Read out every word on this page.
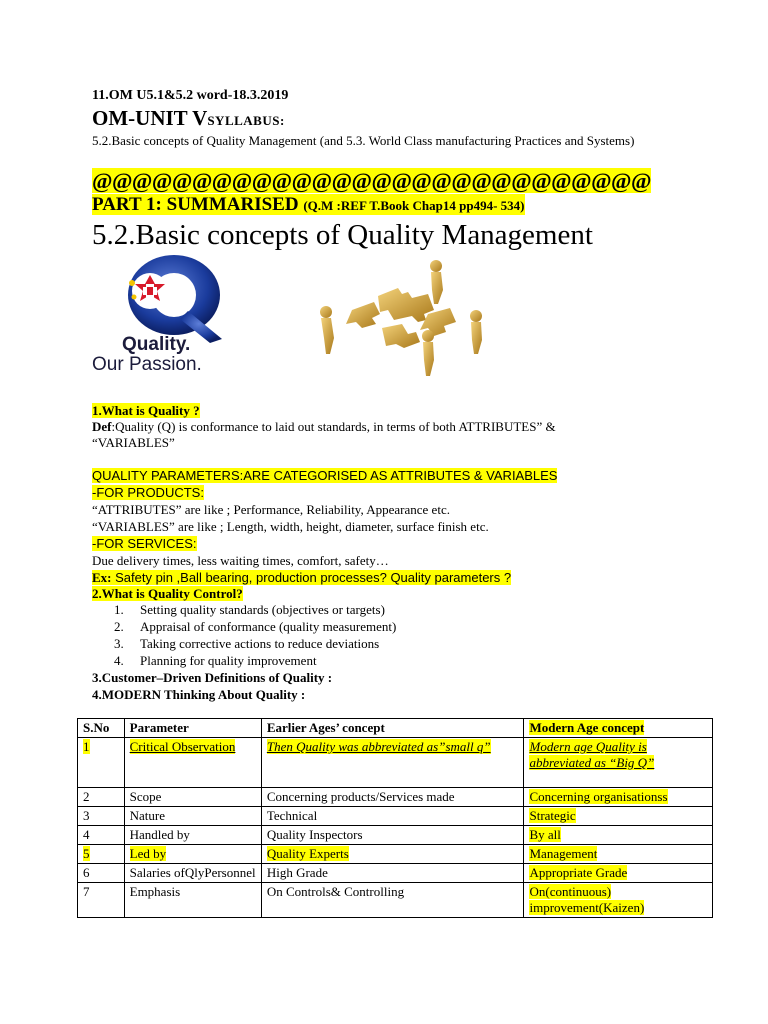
11.OM U5.1&5.2 word-18.3.2019
OM-UNIT VSYLLABUS:
5.2.Basic concepts of Quality Management (and 5.3. World Class manufacturing Practices and Systems)
@@@@@@@@@@@@@@@@@@@@@@@@@@@@
PART 1: SUMMARISED (Q.M :REF T.Book Chap14 pp494- 534)
5.2.Basic concepts of Quality Management
Quality.
Our Passion.
1.What is Quality ?
Def:Quality (Q) is conformance to laid out standards, in terms of both ATTRIBUTES” &
“VARIABLES”
QUALITY PARAMETERS:ARE CATEGORISED AS ATTRIBUTES & VARIABLES
-FOR PRODUCTS:
“ATTRIBUTES” are like ; Performance, Reliability, Appearance etc.
“VARIABLES” are like ; Length, width, height, diameter, surface finish etc.
-FOR SERVICES:
Due delivery times, less waiting times, comfort, safety…
Ex: Safety pin ,Ball bearing, production processes? Quality parameters ?
2.What is Quality Control?
1.	Setting quality standards (objectives or targets)
2.	Appraisal of conformance (quality measurement)
3.	Taking corrective actions to reduce deviations
4.	Planning for quality improvement
3.Customer–Driven Definitions of Quality :
4.MODERN Thinking About Quality :
S.No	Parameter	Earlier Ages’ concept	Modern Age concept
1	Critical Observation	Then Quality was abbreviated as”small q”	Modern age Quality is abbreviated as “Big Q”
2	Scope	Concerning products/Services made	Concerning organisationss
3	Nature	Technical	Strategic
4	Handled by	Quality Inspectors	By all
5	Led by	Quality Experts	Management
6	Salaries ofQlyPersonnel	High Grade	Appropriate Grade
7	Emphasis	On Controls& Controlling	On(continuous) improvement(Kaizen)
